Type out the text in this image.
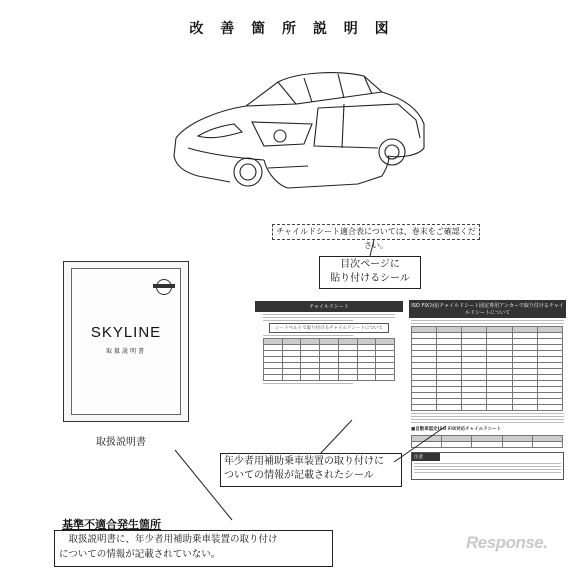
改 善 箇 所 説 明 図
チャイルドシート適合表については、巻末をご確認ください。
目次ページに
貼り付けるシール
SKYLINE
取扱説明書
取扱説明書
チャイルドシート
シートベルトで取り付けるチャイルドシートについて

ISO FIX対応チャイルドシート固定専用アンカーで取り付けるチャイルドシートについて

■自動車認定ISO FIX対応チャイルドシート

注意
年少者用補助乗車装置の取り付けに
ついての情報が記載されたシール
基準不適合発生箇所
　取扱説明書に、年少者用補助乗車装置の取り付け
についての情報が記載されていない。
Response.
